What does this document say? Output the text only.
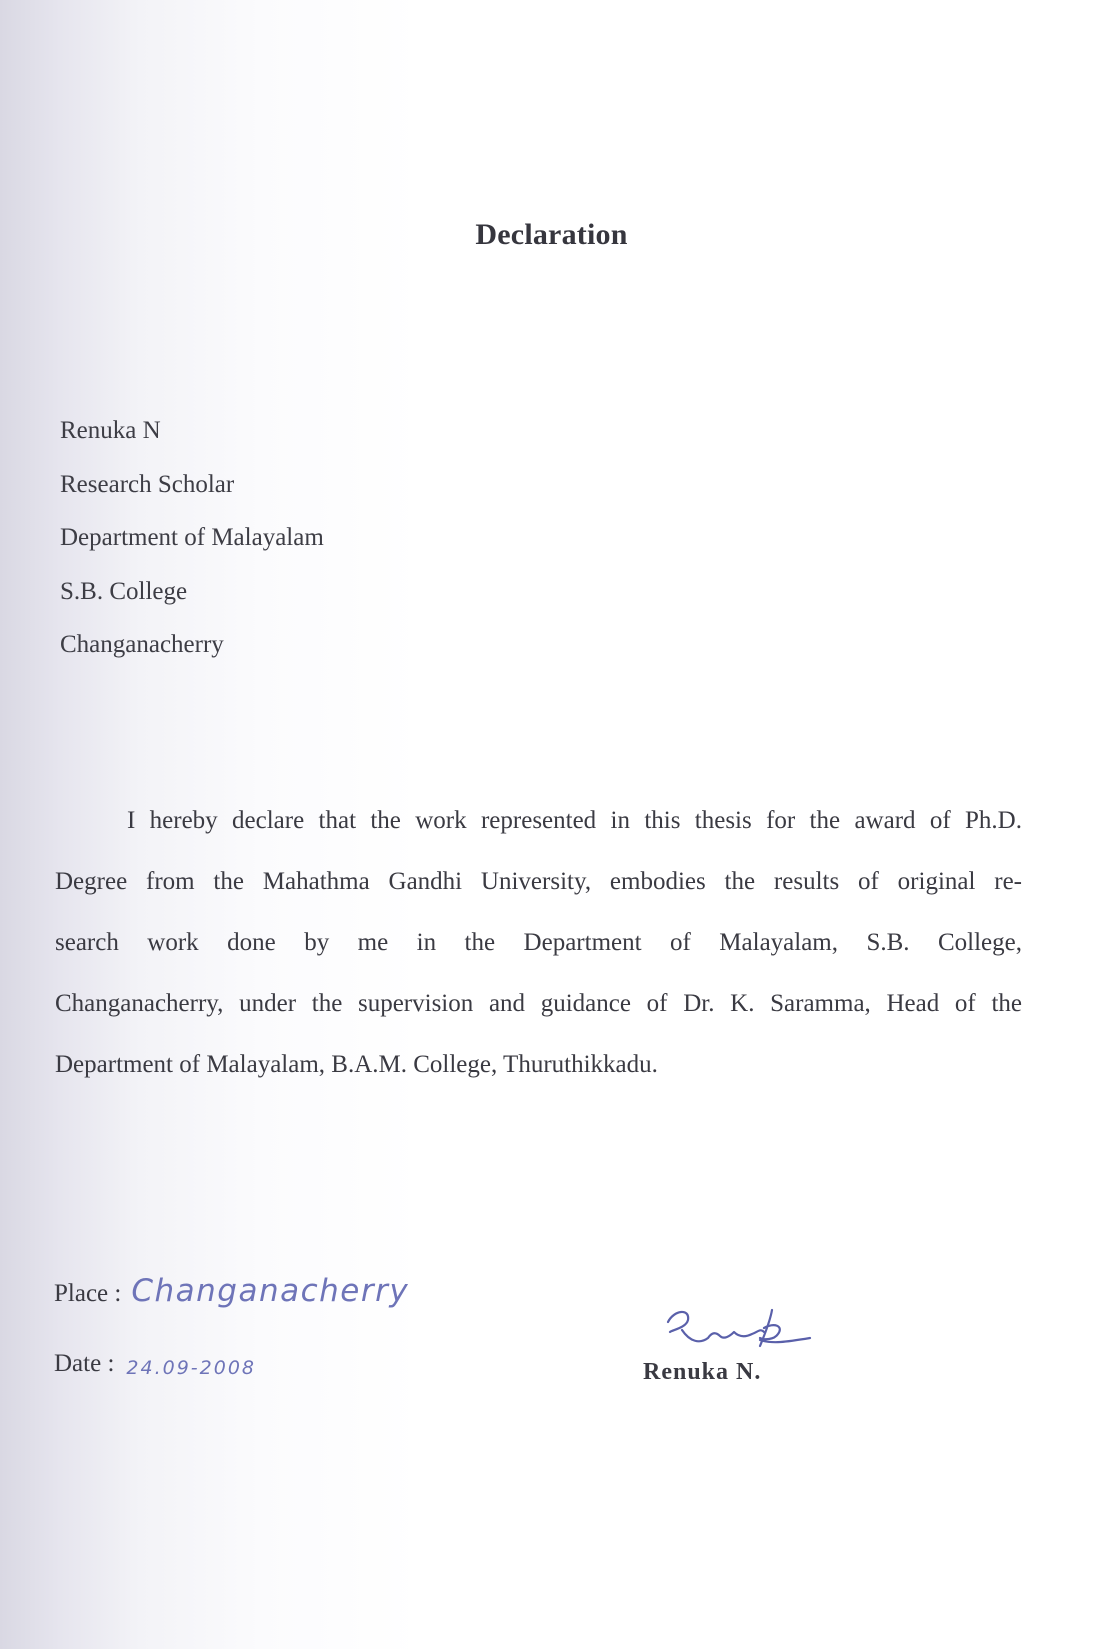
Declaration
Renuka N
Research Scholar
Department of Malayalam
S.B. College
Changanacherry
I hereby declare that the work represented in this thesis for the award of Ph.D.
Degree from the Mahathma Gandhi University, embodies the results of original re-
search work done by me in the Department of Malayalam, S.B. College,
Changanacherry, under the supervision and guidance of Dr. K. Saramma, Head of the
Department of Malayalam, B.A.M. College, Thuruthikkadu.
Place : Changanacherry
Date : 24.09-2008	Renuka N.
